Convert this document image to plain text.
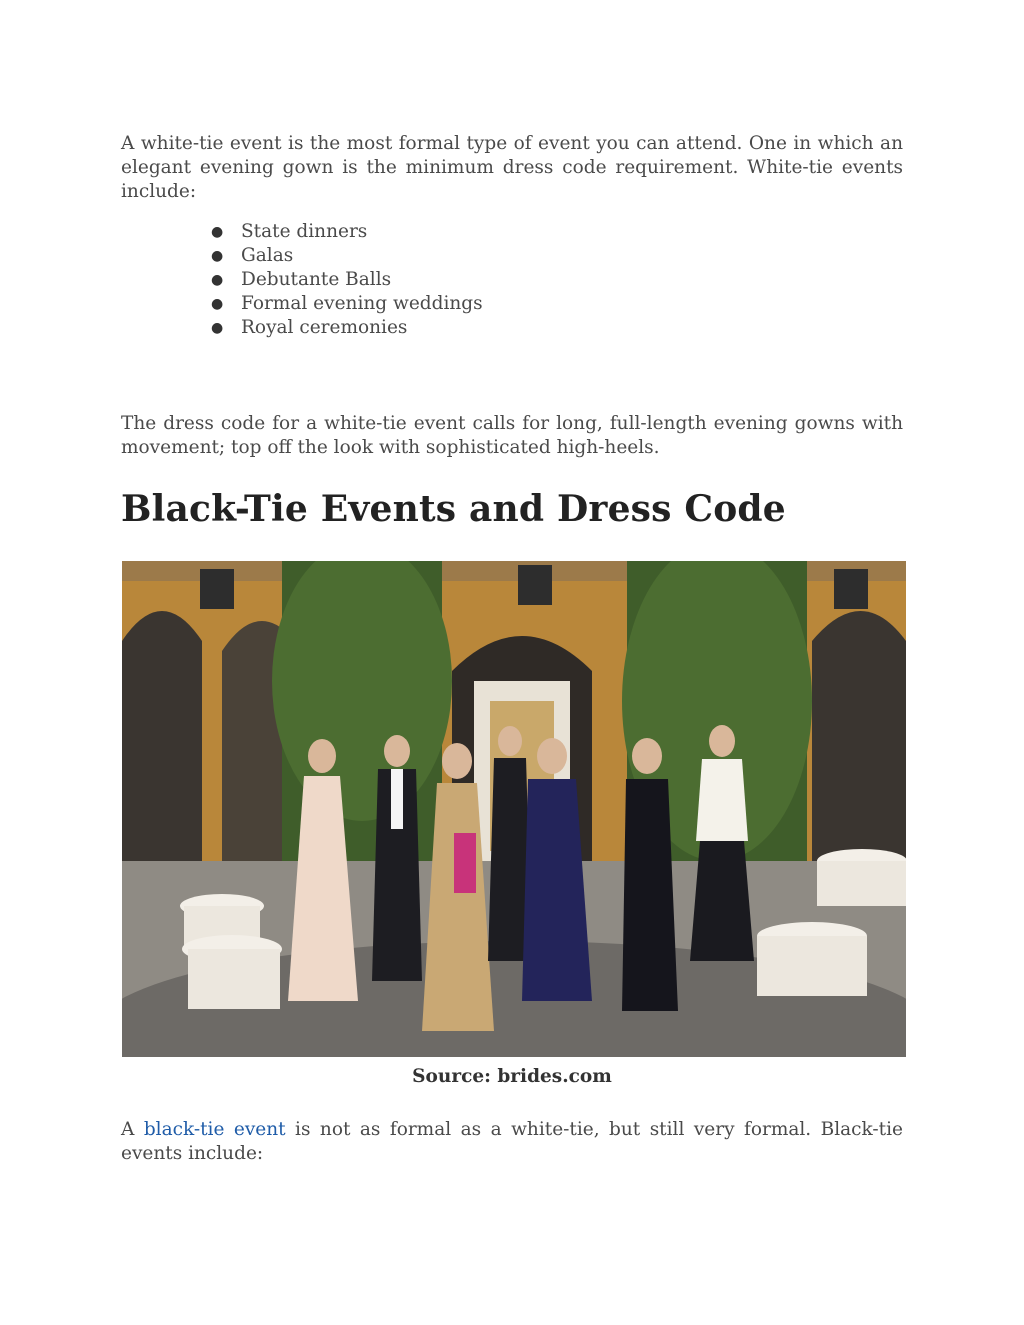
A white-tie event is the most formal type of event you can attend. One in which an elegant evening gown is the minimum dress code requirement. White-tie events include:

● State dinners
● Galas
● Debutante Balls
● Formal evening weddings
● Royal ceremonies

The dress code for a white-tie event calls for long, full-length evening gowns with movement; top off the look with sophisticated high-heels.

Black-Tie Events and Dress Code
Source: brides.com

A black-tie event is not as formal as a white-tie, but still very formal. Black-tie events include:
